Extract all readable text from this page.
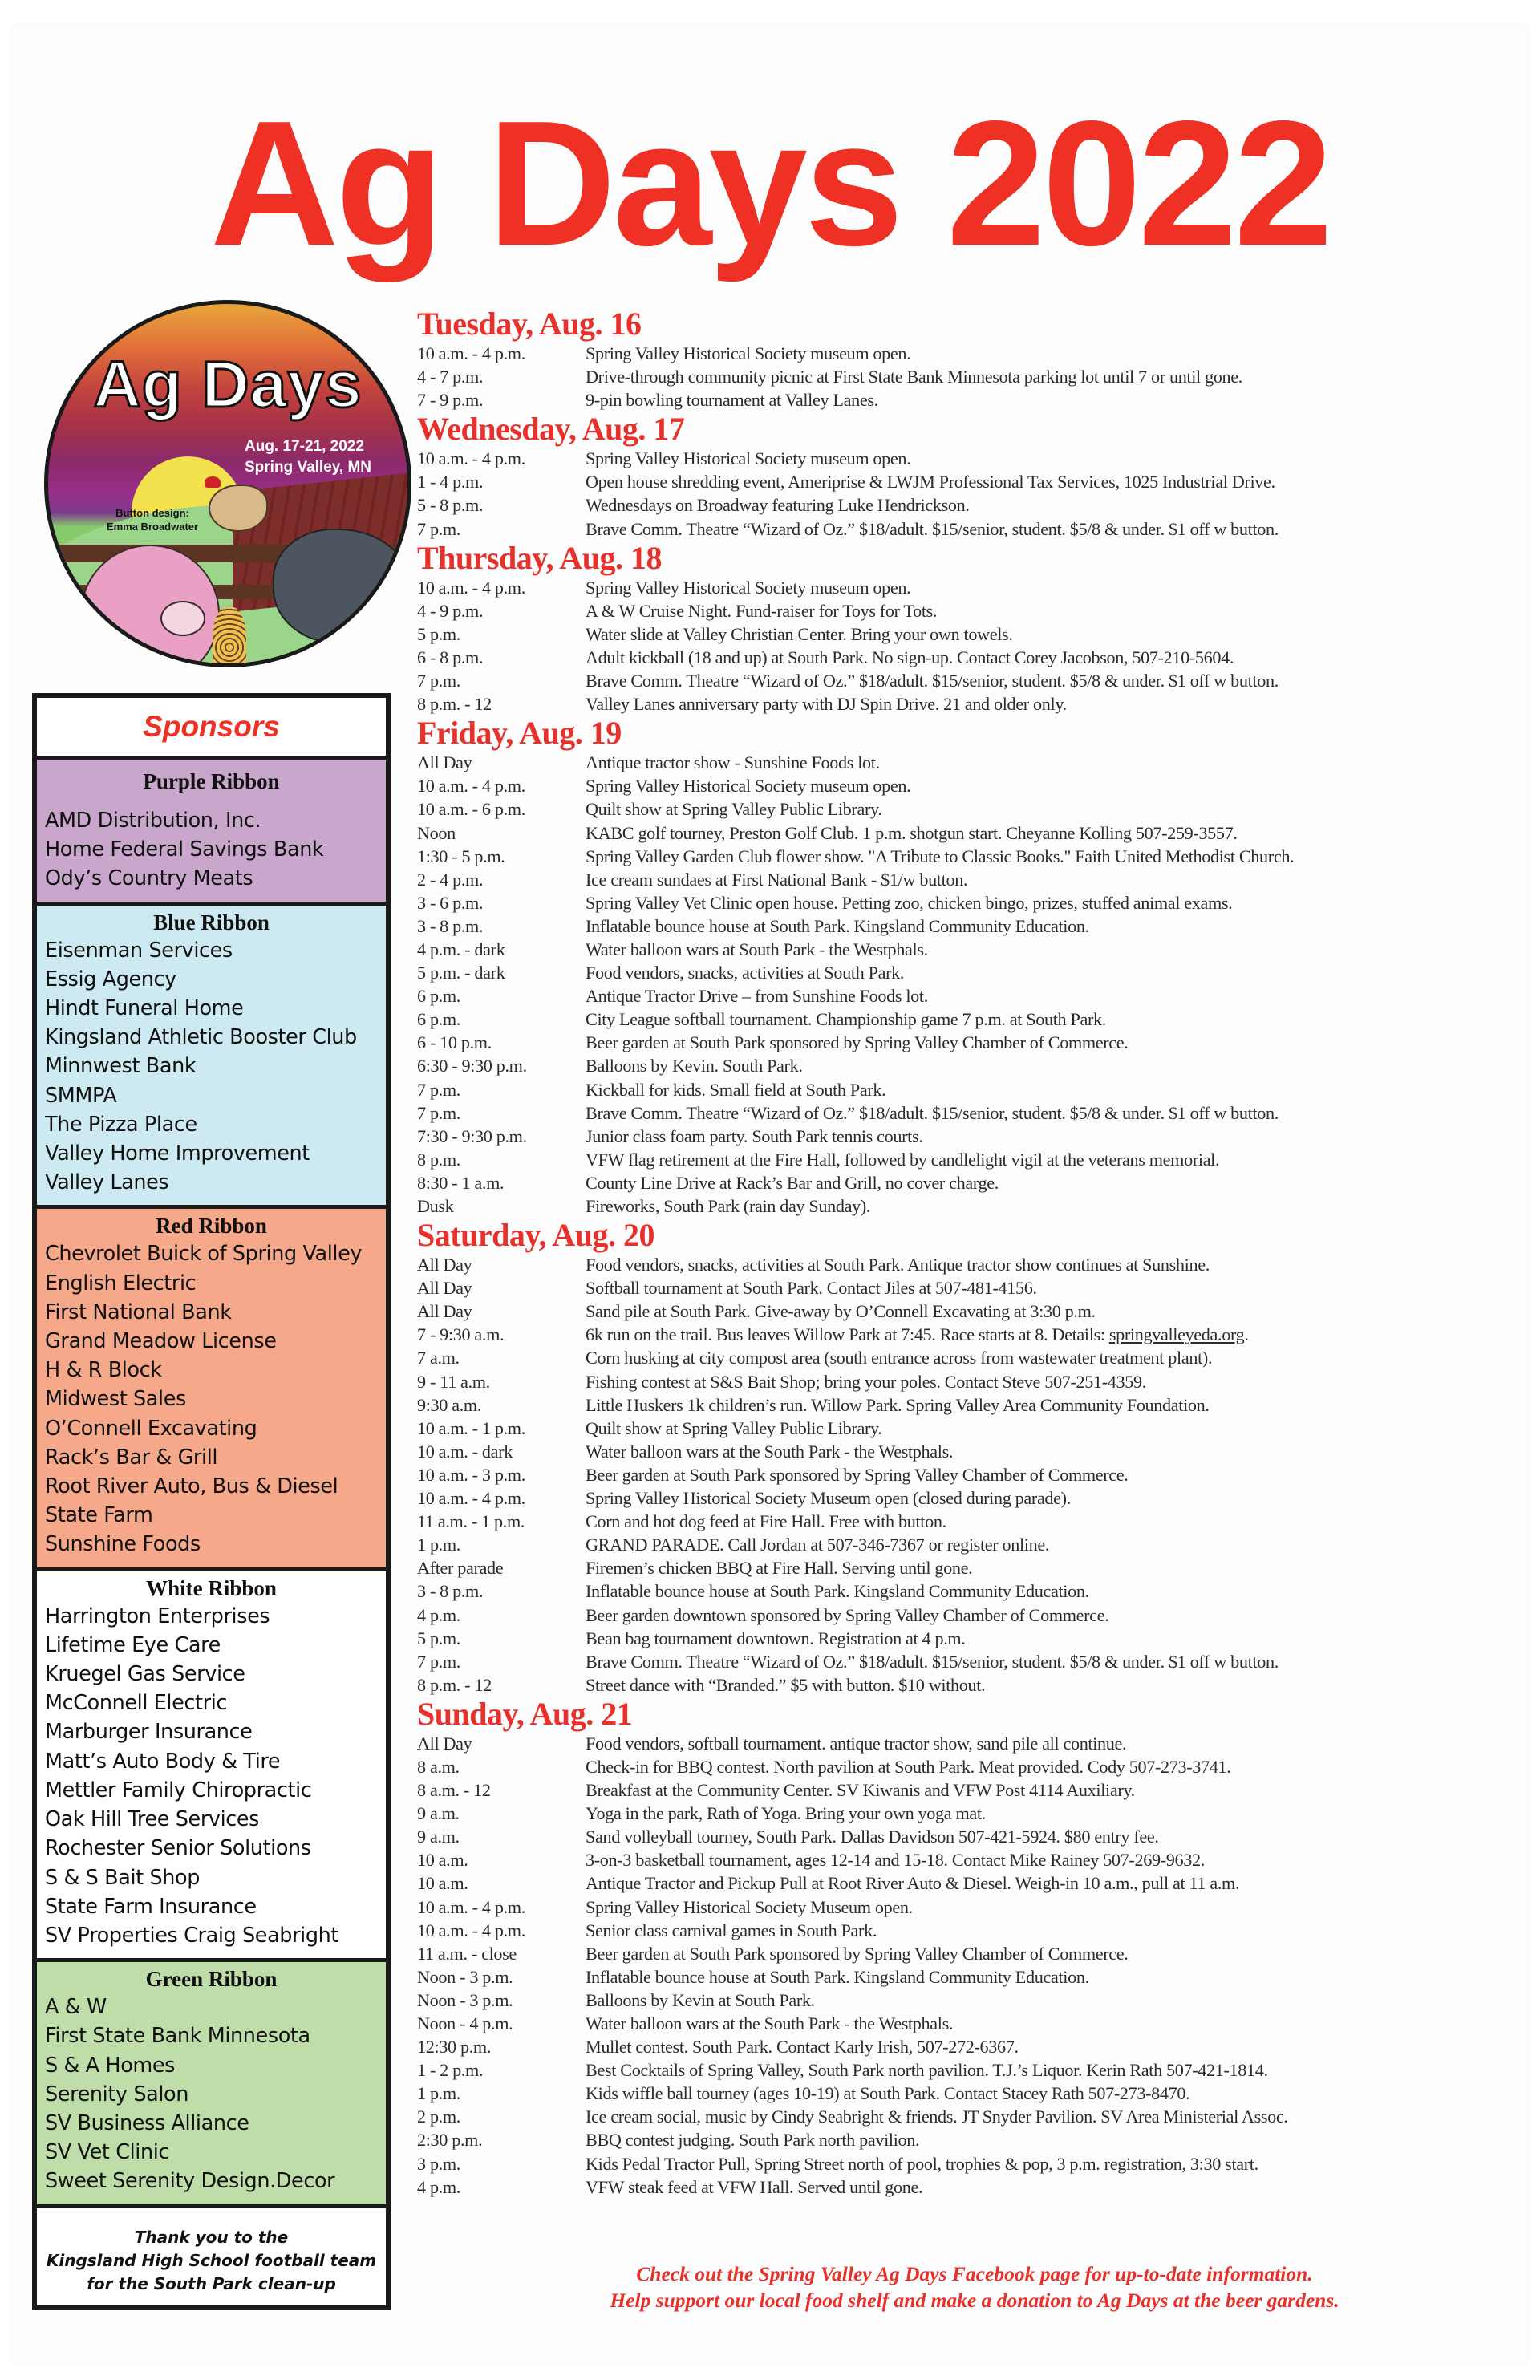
Ag Days 2022
Ag Days
Aug. 17-21, 2022
Spring Valley, MN
Button design:
Emma Broadwater
Sponsors
Purple Ribbon
AMD Distribution, Inc.
Home Federal Savings Bank
Ody’s Country Meats
Blue Ribbon
Eisenman Services
Essig Agency
Hindt Funeral Home
Kingsland Athletic Booster Club
Minnwest Bank
SMMPA
The Pizza Place
Valley Home Improvement
Valley Lanes
Red Ribbon
Chevrolet Buick of Spring Valley
English Electric
First National Bank
Grand Meadow License
H & R Block
Midwest Sales
O’Connell Excavating
Rack’s Bar & Grill
Root River Auto, Bus & Diesel
State Farm
Sunshine Foods
White Ribbon
Harrington Enterprises
Lifetime Eye Care
Kruegel Gas Service
McConnell Electric
Marburger Insurance
Matt’s Auto Body & Tire
Mettler Family Chiropractic
Oak Hill Tree Services
Rochester Senior Solutions
S & S Bait Shop
State Farm Insurance
SV Properties Craig Seabright
Green Ribbon
A & W
First State Bank Minnesota
S & A Homes
Serenity Salon
SV Business Alliance
SV Vet Clinic
Sweet Serenity Design.Decor
Thank you to the
Kingsland High School football team
for the South Park clean-up
Tuesday, Aug. 16
10 a.m. - 4 p.m.	Spring Valley Historical Society museum open.
4 - 7 p.m.	Drive-through community picnic at First State Bank Minnesota parking lot until 7 or until gone.
7 - 9 p.m.	9-pin bowling tournament at Valley Lanes.
Wednesday, Aug. 17
10 a.m. - 4 p.m.	Spring Valley Historical Society museum open.
1 - 4 p.m.	Open house shredding event, Ameriprise & LWJM Professional Tax Services, 1025 Industrial Drive.
5 - 8 p.m.	Wednesdays on Broadway featuring Luke Hendrickson.
7 p.m.	Brave Comm. Theatre “Wizard of Oz.” $18/adult. $15/senior, student. $5/8 & under. $1 off w button.
Thursday, Aug. 18
10 a.m. - 4 p.m.	Spring Valley Historical Society museum open.
4 - 9 p.m.	A & W Cruise Night. Fund-raiser for Toys for Tots.
5 p.m.	Water slide at Valley Christian Center. Bring your own towels.
6 - 8 p.m.	Adult kickball (18 and up) at South Park. No sign-up. Contact Corey Jacobson, 507-210-5604.
7 p.m.	Brave Comm. Theatre “Wizard of Oz.” $18/adult. $15/senior, student. $5/8 & under. $1 off w button.
8 p.m. - 12	Valley Lanes anniversary party with DJ Spin Drive. 21 and older only.
Friday, Aug. 19
All Day	Antique tractor show - Sunshine Foods lot.
10 a.m. - 4 p.m.	Spring Valley Historical Society museum open.
10 a.m. - 6 p.m.	Quilt show at Spring Valley Public Library.
Noon	KABC golf tourney, Preston Golf Club. 1 p.m. shotgun start. Cheyanne Kolling 507-259-3557.
1:30 - 5 p.m.	Spring Valley Garden Club flower show. "A Tribute to Classic Books." Faith United Methodist Church.
2 - 4 p.m.	Ice cream sundaes at First National Bank - $1/w button.
3 - 6 p.m.	Spring Valley Vet Clinic open house. Petting zoo, chicken bingo, prizes, stuffed animal exams.
3 - 8 p.m.	Inflatable bounce house at South Park. Kingsland Community Education.
4 p.m. - dark	Water balloon wars at South Park - the Westphals.
5 p.m. - dark	Food vendors, snacks, activities at South Park.
6 p.m.	Antique Tractor Drive – from Sunshine Foods lot.
6 p.m.	City League softball tournament. Championship game 7 p.m. at South Park.
6 - 10 p.m.	Beer garden at South Park sponsored by Spring Valley Chamber of Commerce.
6:30 - 9:30 p.m.	Balloons by Kevin. South Park.
7 p.m.	Kickball for kids. Small field at South Park.
7 p.m.	Brave Comm. Theatre “Wizard of Oz.” $18/adult. $15/senior, student. $5/8 & under. $1 off w button.
7:30 - 9:30 p.m.	Junior class foam party. South Park tennis courts.
8 p.m.	VFW flag retirement at the Fire Hall, followed by candlelight vigil at the veterans memorial.
8:30 - 1 a.m.	County Line Drive at Rack’s Bar and Grill, no cover charge.
Dusk	Fireworks, South Park (rain day Sunday).
Saturday, Aug. 20
All Day	Food vendors, snacks, activities at South Park. Antique tractor show continues at Sunshine.
All Day	Softball tournament at South Park. Contact Jiles at 507-481-4156.
All Day	Sand pile at South Park. Give-away by O’Connell Excavating at 3:30 p.m.
7 - 9:30 a.m.	6k run on the trail. Bus leaves Willow Park at 7:45. Race starts at 8. Details: springvalleyeda.org.
7 a.m.	Corn husking at city compost area (south entrance across from wastewater treatment plant).
9 - 11 a.m.	Fishing contest at S&S Bait Shop; bring your poles. Contact Steve 507-251-4359.
9:30 a.m.	Little Huskers 1k children’s run. Willow Park. Spring Valley Area Community Foundation.
10 a.m. - 1 p.m.	Quilt show at Spring Valley Public Library.
10 a.m. - dark	Water balloon wars at the South Park - the Westphals.
10 a.m. - 3 p.m.	Beer garden at South Park sponsored by Spring Valley Chamber of Commerce.
10 a.m. - 4 p.m.	Spring Valley Historical Society Museum open (closed during parade).
11 a.m. - 1 p.m.	Corn and hot dog feed at Fire Hall. Free with button.
1 p.m.	GRAND PARADE. Call Jordan at 507-346-7367 or register online.
After parade	Firemen’s chicken BBQ at Fire Hall. Serving until gone.
3 - 8 p.m.	Inflatable bounce house at South Park. Kingsland Community Education.
4 p.m.	Beer garden downtown sponsored by Spring Valley Chamber of Commerce.
5 p.m.	Bean bag tournament downtown. Registration at 4 p.m.
7 p.m.	Brave Comm. Theatre “Wizard of Oz.” $18/adult. $15/senior, student. $5/8 & under. $1 off w button.
8 p.m. - 12	Street dance with “Branded.” $5 with button. $10 without.
Sunday, Aug. 21
All Day	Food vendors, softball tournament. antique tractor show, sand pile all continue.
8 a.m.	Check-in for BBQ contest. North pavilion at South Park. Meat provided. Cody 507-273-3741.
8 a.m. - 12	Breakfast at the Community Center. SV Kiwanis and VFW Post 4114 Auxiliary.
9 a.m.	Yoga in the park, Rath of Yoga. Bring your own yoga mat.
9 a.m.	Sand volleyball tourney, South Park. Dallas Davidson 507-421-5924. $80 entry fee.
10 a.m.	3-on-3 basketball tournament, ages 12-14 and 15-18. Contact Mike Rainey 507-269-9632.
10 a.m.	Antique Tractor and Pickup Pull at Root River Auto & Diesel. Weigh-in 10 a.m., pull at 11 a.m.
10 a.m. - 4 p.m.	Spring Valley Historical Society Museum open.
10 a.m. - 4 p.m.	Senior class carnival games in South Park.
11 a.m. - close	Beer garden at South Park sponsored by Spring Valley Chamber of Commerce.
Noon - 3 p.m.	Inflatable bounce house at South Park. Kingsland Community Education.
Noon - 3 p.m.	Balloons by Kevin at South Park.
Noon - 4 p.m.	Water balloon wars at the South Park - the Westphals.
12:30 p.m.	Mullet contest. South Park. Contact Karly Irish, 507-272-6367.
1 - 2 p.m.	Best Cocktails of Spring Valley, South Park north pavilion. T.J.’s Liquor. Kerin Rath 507-421-1814.
1 p.m.	Kids wiffle ball tourney (ages 10-19) at South Park. Contact Stacey Rath 507-273-8470.
2 p.m.	Ice cream social, music by Cindy Seabright & friends. JT Snyder Pavilion. SV Area Ministerial Assoc.
2:30 p.m.	BBQ contest judging. South Park north pavilion.
3 p.m.	Kids Pedal Tractor Pull, Spring Street north of pool, trophies & pop, 3 p.m. registration, 3:30 start.
4 p.m.	VFW steak feed at VFW Hall. Served until gone.
Check out the Spring Valley Ag Days Facebook page for up-to-date information.
Help support our local food shelf and make a donation to Ag Days at the beer gardens.
